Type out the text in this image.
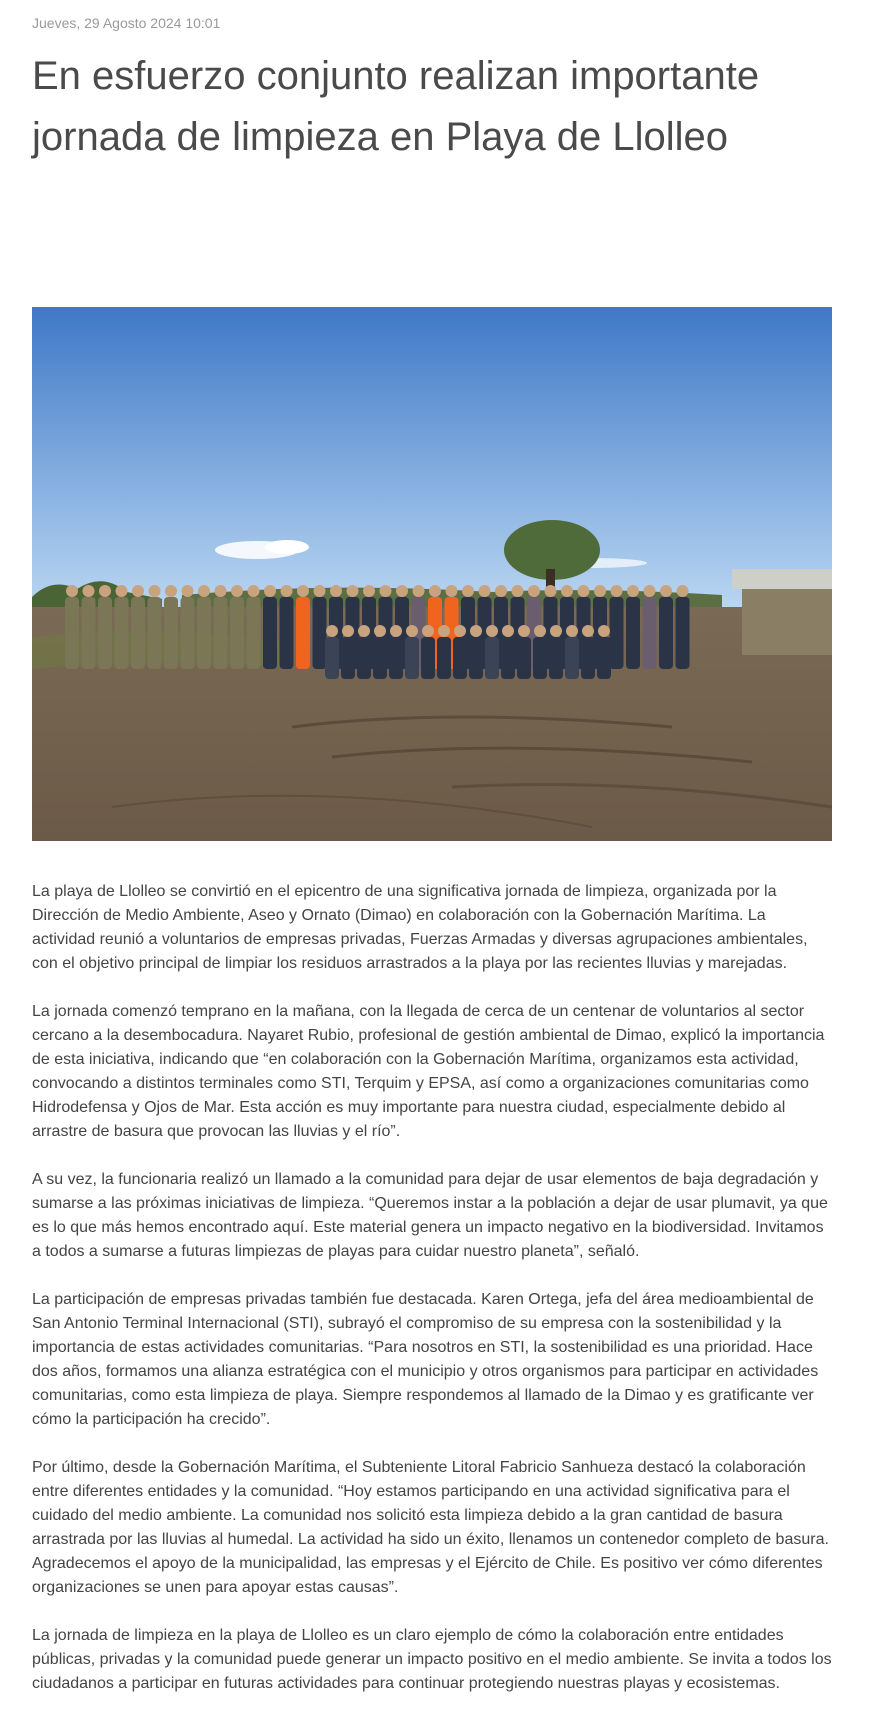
Jueves, 29 Agosto 2024 10:01
En esfuerzo conjunto realizan importante jornada de limpieza en Playa de Llolleo

La playa de Llolleo se convirtió en el epicentro de una significativa jornada de limpieza, organizada por la Dirección de Medio Ambiente, Aseo y Ornato (Dimao) en colaboración con la Gobernación Marítima. La actividad reunió a voluntarios de empresas privadas, Fuerzas Armadas y diversas agrupaciones ambientales, con el objetivo principal de limpiar los residuos arrastrados a la playa por las recientes lluvias y marejadas.

La jornada comenzó temprano en la mañana, con la llegada de cerca de un centenar de voluntarios al sector cercano a la desembocadura. Nayaret Rubio, profesional de gestión ambiental de Dimao, explicó la importancia de esta iniciativa, indicando que “en colaboración con la Gobernación Marítima, organizamos esta actividad, convocando a distintos terminales como STI, Terquim y EPSA, así como a organizaciones comunitarias como Hidrodefensa y Ojos de Mar. Esta acción es muy importante para nuestra ciudad, especialmente debido al arrastre de basura que provocan las lluvias y el río”.

A su vez, la funcionaria realizó un llamado a la comunidad para dejar de usar elementos de baja degradación y sumarse a las próximas iniciativas de limpieza. “Queremos instar a la población a dejar de usar plumavit, ya que es lo que más hemos encontrado aquí. Este material genera un impacto negativo en la biodiversidad. Invitamos a todos a sumarse a futuras limpiezas de playas para cuidar nuestro planeta”, señaló.

La participación de empresas privadas también fue destacada. Karen Ortega, jefa del área medioambiental de San Antonio Terminal Internacional (STI), subrayó el compromiso de su empresa con la sostenibilidad y la importancia de estas actividades comunitarias. “Para nosotros en STI, la sostenibilidad es una prioridad. Hace dos años, formamos una alianza estratégica con el municipio y otros organismos para participar en actividades comunitarias, como esta limpieza de playa. Siempre respondemos al llamado de la Dimao y es gratificante ver cómo la participación ha crecido”.

Por último, desde la Gobernación Marítima, el Subteniente Litoral Fabricio Sanhueza destacó la colaboración entre diferentes entidades y la comunidad. “Hoy estamos participando en una actividad significativa para el cuidado del medio ambiente. La comunidad nos solicitó esta limpieza debido a la gran cantidad de basura arrastrada por las lluvias al humedal. La actividad ha sido un éxito, llenamos un contenedor completo de basura. Agradecemos el apoyo de la municipalidad, las empresas y el Ejército de Chile. Es positivo ver cómo diferentes organizaciones se unen para apoyar estas causas”.

La jornada de limpieza en la playa de Llolleo es un claro ejemplo de cómo la colaboración entre entidades públicas, privadas y la comunidad puede generar un impacto positivo en el medio ambiente. Se invita a todos los ciudadanos a participar en futuras actividades para continuar protegiendo nuestras playas y ecosistemas.
